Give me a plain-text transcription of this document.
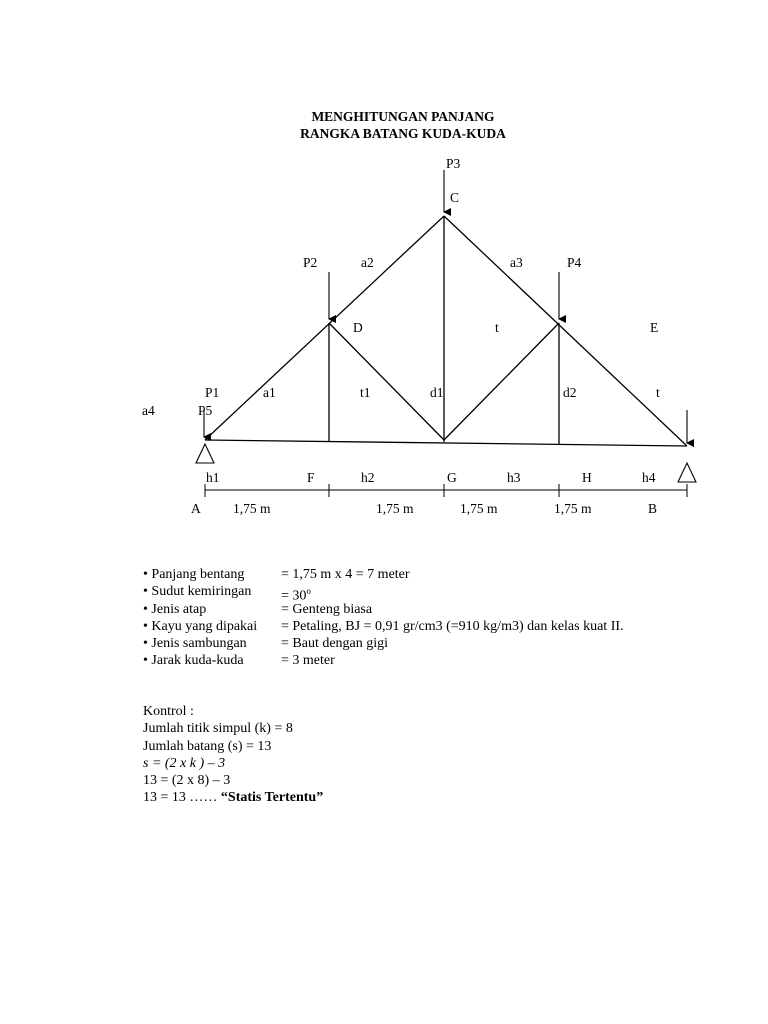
MENGHITUNGAN PANJANG
RANGKA BATANG KUDA-KUDA
P3
C
P2	a2	a3	P4
D	t	E
P1	a1	t1	d1	d2	t
a4	P5
h1	F	h2	G	h3	H	h4
A 1,75 m	1,75 m	1,75 m	1,75 m	B
• Panjang bentang	= 1,75 m x 4 = 7 meter
• Sudut kemiringan = $30^o$
• Jenis atap	= Genteng biasa
• Kayu yang dipakai = Petaling, BJ = 0,91 gr/cm3 (=910 kg/m3) dan kelas kuat II.
• Jenis sambungan = Baut dengan gigi
• Jarak kuda-kuda	= 3 meter
Kontrol :
Jumlah titik simpul (k) = 8
Jumlah batang (s) = 13
s = (2 x k ) – 3
13 = (2 x 8) – 3
13 = 13 …… “Statis Tertentu”
